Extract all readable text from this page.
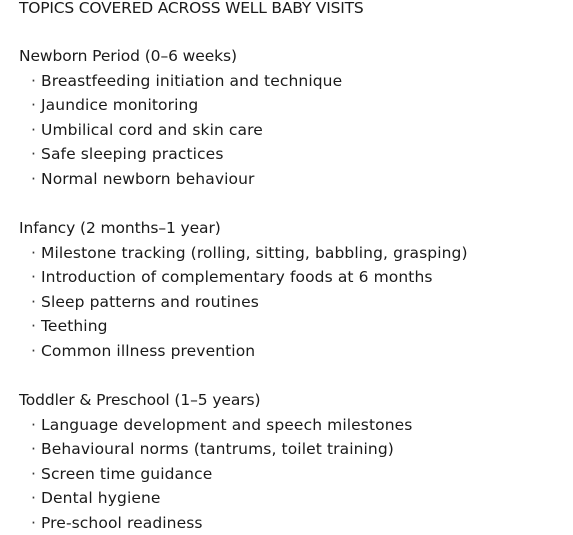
TOPICS COVERED ACROSS WELL BABY VISITS
Newborn Period (0–6 weeks)
· Breastfeeding initiation and technique
· Jaundice monitoring
· Umbilical cord and skin care
· Safe sleeping practices
· Normal newborn behaviour
Infancy (2 months–1 year)
· Milestone tracking (rolling, sitting, babbling, grasping)
· Introduction of complementary foods at 6 months
· Sleep patterns and routines
· Teething
· Common illness prevention
Toddler & Preschool (1–5 years)
· Language development and speech milestones
· Behavioural norms (tantrums, toilet training)
· Screen time guidance
· Dental hygiene
· Pre-school readiness
